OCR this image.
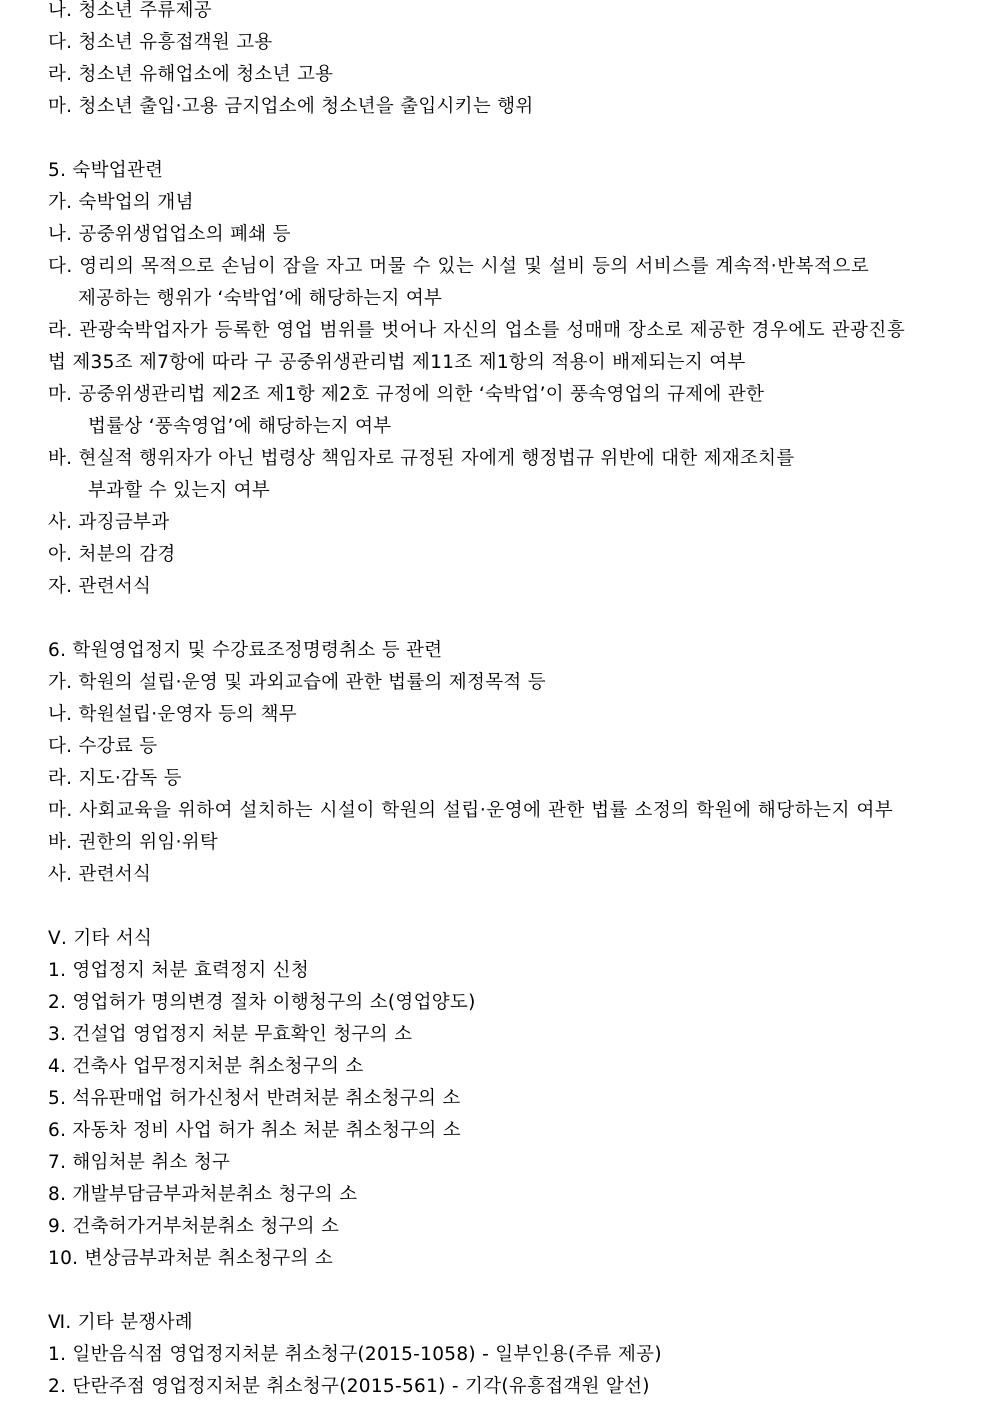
나. 청소년 주류제공
다. 청소년 유흥접객원 고용
라. 청소년 유해업소에 청소년 고용
마. 청소년 출입·고용 금지업소에 청소년을 출입시키는 행위
5. 숙박업관련
가. 숙박업의 개념
나. 공중위생업업소의 폐쇄 등
다. 영리의 목적으로 손님이 잠을 자고 머물 수 있는 시설 및 설비 등의 서비스를 계속적·반복적으로
제공하는 행위가 ‘숙박업’에 해당하는지 여부
라. 관광숙박업자가 등록한 영업 범위를 벗어나 자신의 업소를 성매매 장소로 제공한 경우에도 관광진흥
법 제35조 제7항에 따라 구 공중위생관리법 제11조 제1항의 적용이 배제되는지 여부
마. 공중위생관리법 제2조 제1항 제2호 규정에 의한 ‘숙박업’이 풍속영업의 규제에 관한
법률상 ‘풍속영업’에 해당하는지 여부
바. 현실적 행위자가 아닌 법령상 책임자로 규정된 자에게 행정법규 위반에 대한 제재조치를
부과할 수 있는지 여부
사. 과징금부과
아. 처분의 감경
자. 관련서식
6. 학원영업정지 및 수강료조정명령취소 등 관련
가. 학원의 설립·운영 및 과외교습에 관한 법률의 제정목적 등
나. 학원설립·운영자 등의 책무
다. 수강료 등
라. 지도·감독 등
마. 사회교육을 위하여 설치하는 시설이 학원의 설립·운영에 관한 법률 소정의 학원에 해당하는지 여부
바. 권한의 위임·위탁
사. 관련서식
Ⅴ. 기타 서식
1. 영업정지 처분 효력정지 신청
2. 영업허가 명의변경 절차 이행청구의 소(영업양도)
3. 건설업 영업정지 처분 무효확인 청구의 소
4. 건축사 업무정지처분 취소청구의 소
5. 석유판매업 허가신청서 반려처분 취소청구의 소
6. 자동차 정비 사업 허가 취소 처분 취소청구의 소
7. 해임처분 취소 청구
8. 개발부담금부과처분취소 청구의 소
9. 건축허가거부처분취소 청구의 소
10. 변상금부과처분 취소청구의 소
Ⅵ. 기타 분쟁사례
1. 일반음식점 영업정지처분 취소청구(2015-1058) - 일부인용(주류 제공)
2. 단란주점 영업정지처분 취소청구(2015-561) - 기각(유흥접객원 알선)
